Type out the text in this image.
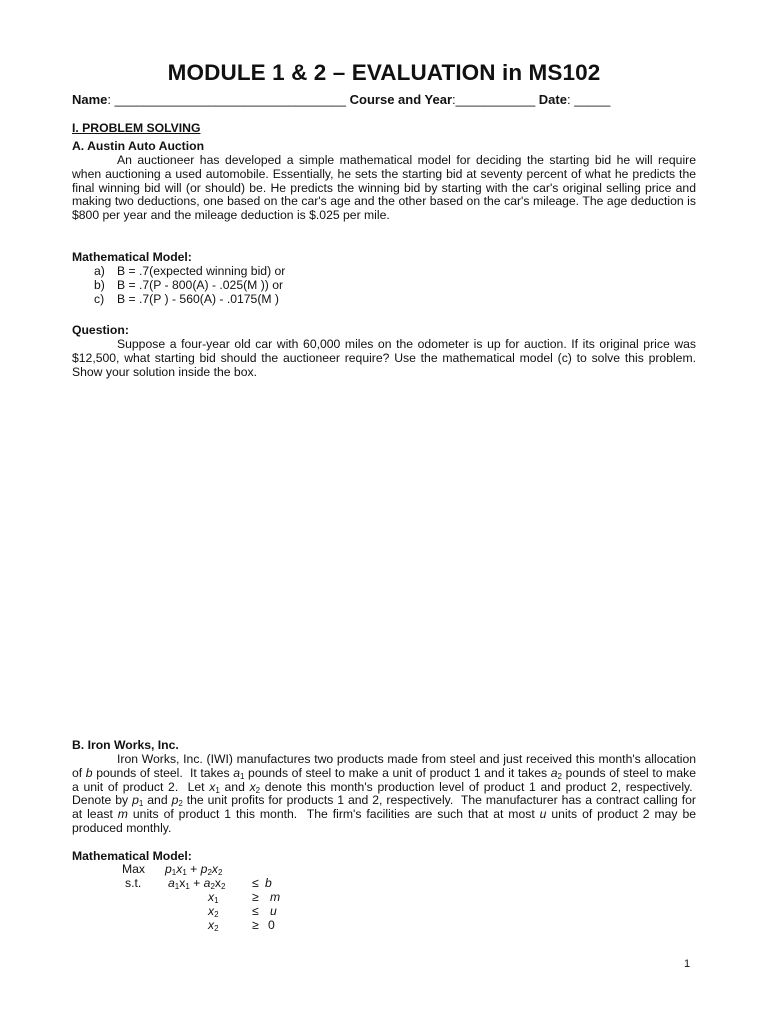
MODULE 1 & 2 – EVALUATION in MS102
Name: ________________________________ Course and Year:___________ Date: _____
I. PROBLEM SOLVING
A. Austin Auto Auction
An auctioneer has developed a simple mathematical model for deciding the starting bid he will require when auctioning a used automobile. Essentially, he sets the starting bid at seventy percent of what he predicts the final winning bid will (or should) be. He predicts the winning bid by starting with the car's original selling price and making two deductions, one based on the car's age and the other based on the car's mileage. The age deduction is $800 per year and the mileage deduction is $.025 per mile.
Mathematical Model:
a) B = .7(expected winning bid) or
b) B = .7(P - 800(A) - .025(M )) or
c) B = .7(P ) - 560(A) - .0175(M )
Question:
Suppose a four-year old car with 60,000 miles on the odometer is up for auction. If its original price was $12,500, what starting bid should the auctioneer require? Use the mathematical model (c) to solve this problem. Show your solution inside the box.
B. Iron Works, Inc.
Iron Works, Inc. (IWI) manufactures two products made from steel and just received this month's allocation of b pounds of steel.  It takes $a_1$ pounds of steel to make a unit of product 1 and it takes $a_2$ pounds of steel to make a unit of product 2.  Let $x_1$ and $x_2$ denote this month's production level of product 1 and product 2, respectively.  Denote by $p_1$ and $p_2$ the unit profits for products 1 and 2, respectively.  The manufacturer has a contract calling for at least m units of product 1 this month.  The firm's facilities are such that at most u units of product 2 may be produced monthly.
Mathematical Model:
Max $p_1x_1 + p_2x_2$
s.t. $a_1x_1 + a_2x_2 \le b$
$x_1$	≥ m
$x_2$	≤ u
$x_2$	≥ 0
1
